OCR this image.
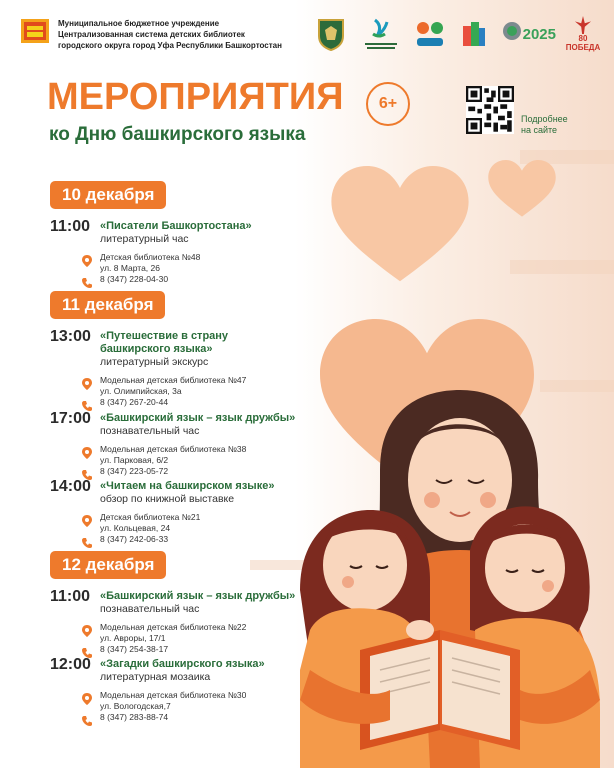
Муниципальное бюджетное учреждение
Централизованная система детских библиотек
городского округа город Уфа Республики Башкортостан
2025	80 ПОБЕДА
МЕРОПРИЯТИЯ
ко Дню башкирского языка
6+
Подробнее
на сайте
10 декабря
11:00 «Писатели Башкортостана»
литературный час
Детская библиотека №48
ул. 8 Марта, 26
8 (347) 228-04-30
11 декабря
13:00 «Путешествие в страну
башкирского языка»
литературный экскурс
Модельная детская библиотека №47
ул. Олимпийская, 3а
8 (347) 267-20-44
17:00 «Башкирский язык – язык дружбы»
познавательный час
Модельная детская библиотека №38
ул. Парковая, 6/2
8 (347) 223-05-72
14:00 «Читаем на башкирском языке»
обзор по книжной выставке
Детская библиотека №21
ул. Кольцевая, 24
8 (347) 242-06-33
12 декабря
11:00 «Башкирский язык – язык дружбы»
познавательный час
Модельная детская библиотека №22
ул. Авроры, 17/1
8 (347) 254-38-17
12:00 «Загадки башкирского языка»
литературная мозаика
Модельная детская библиотека №30
ул. Вологодская,7
8 (347) 283-88-74
